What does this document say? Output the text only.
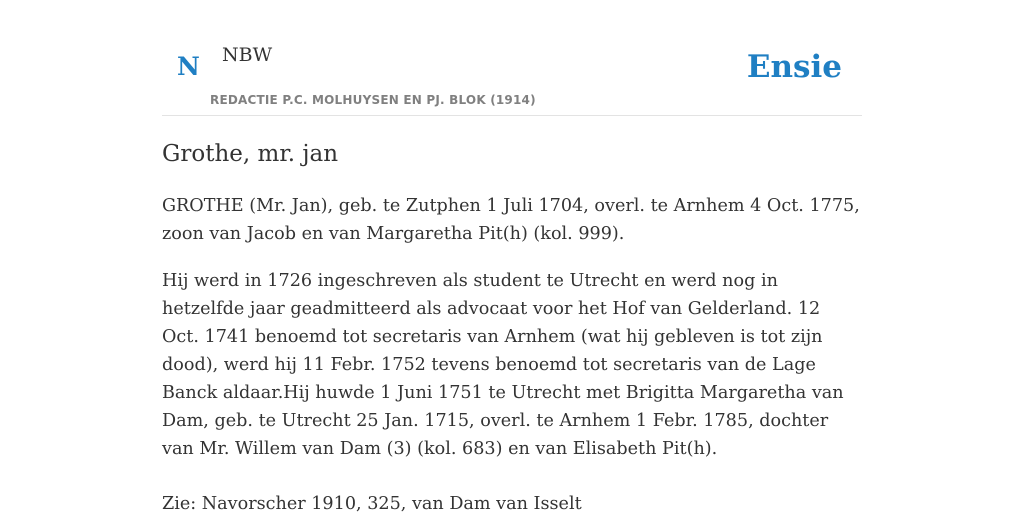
N NBW
REDACTIE P.C. MOLHUYSEN EN PJ. BLOK (1914)
Ensie
Grothe, mr. jan

GROTHE (Mr. Jan), geb. te Zutphen 1 Juli 1704, overl. te Arnhem 4 Oct. 1775, zoon van Jacob en van Margaretha Pit(h) (kol. 999).

Hij werd in 1726 ingeschreven als student te Utrecht en werd nog in hetzelfde jaar geadmitteerd als advocaat voor het Hof van Gelderland. 12 Oct. 1741 benoemd tot secretaris van Arnhem (wat hij gebleven is tot zijn dood), werd hij 11 Febr. 1752 tevens benoemd tot secretaris van de Lage Banck aldaar.Hij huwde 1 Juni 1751 te Utrecht met Brigitta Margaretha van Dam, geb. te Utrecht 25 Jan. 1715, overl. te Arnhem 1 Febr. 1785, dochter van Mr. Willem van Dam (3) (kol. 683) en van Elisabeth Pit(h).

Zie: Navorscher 1910, 325, van Dam van Isselt
